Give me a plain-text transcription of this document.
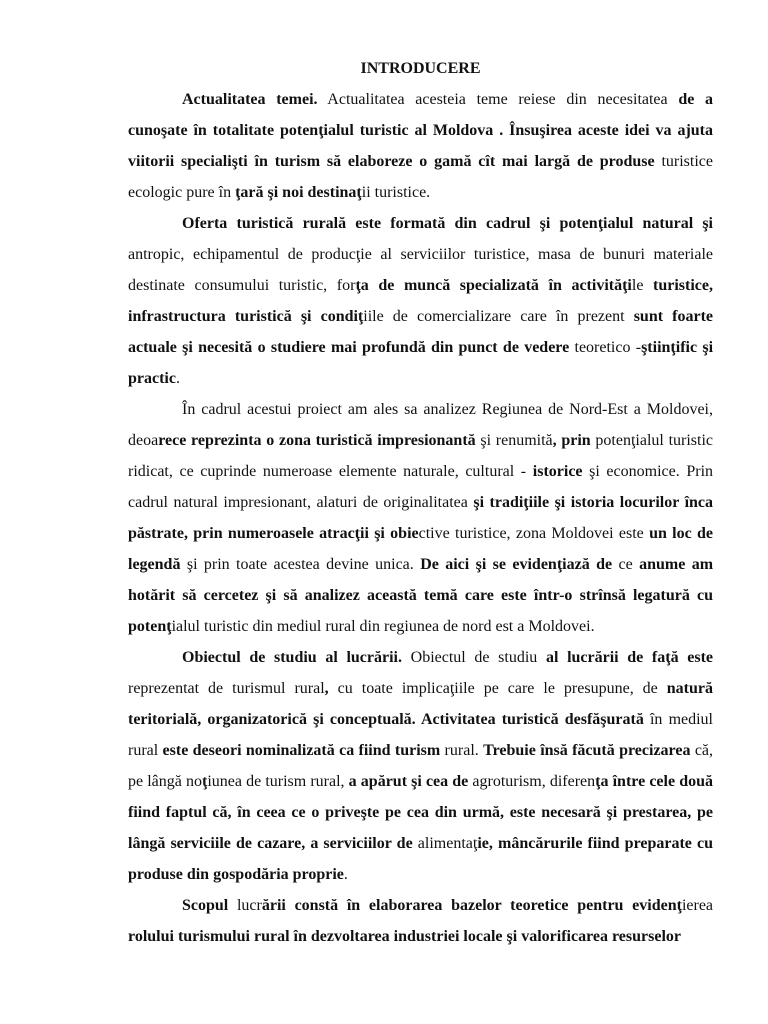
INTRODUCERE

Actualitatea temei. Actualitatea acesteia teme reiese din necesitatea de a cunoşate în totalitate potenţialul turistic al Moldova . Însuşirea aceste idei va ajuta viitorii specialişti în turism să elaboreze o gamă cît mai largă de produse turistice ecologic pure în ţară şi noi destinaţii turistice.

Oferta turistică rurală este formată din cadrul şi potenţialul natural şi antropic, echipamentul de producţie al serviciilor turistice, masa de bunuri materiale destinate consumului turistic, forţa de muncă specializată în activităţile turistice, infrastructura turistică şi condiţiile de comercializare care în prezent sunt foarte actuale şi necesită o studiere mai profundă din punct de vedere teoretico -ştiinţific şi practic.

În cadrul acestui proiect am ales sa analizez Regiunea de Nord-Est a Moldovei, deoarece reprezinta o zona turistică impresionantă şi renumită, prin potenţialul turistic ridicat, ce cuprinde numeroase elemente naturale, cultural - istorice şi economice. Prin cadrul natural impresionant, alaturi de originalitatea şi tradiţiile şi istoria locurilor înca păstrate, prin numeroasele atracţii şi obiective turistice, zona Moldovei este un loc de legendă şi prin toate acestea devine unica. De aici şi se evidenţiază de ce anume am hotărit să cercetez şi să analizez această temă care este într-o strînsă legatură cu potenţialul turistic din mediul rural din regiunea de nord est a Moldovei.

Obiectul de studiu al lucrării. Obiectul de studiu al lucrării de faţă este reprezentat de turismul rural, cu toate implicaţiile pe care le presupune, de natură teritorială, organizatorică şi conceptuală. Activitatea turistică desfăşurată în mediul rural este deseori nominalizată ca fiind turism rural. Trebuie însă făcută precizarea că, pe lângă noţiunea de turism rural, a apărut şi cea de agroturism, diferenţa între cele două fiind faptul că, în ceea ce o priveşte pe cea din urmă, este necesară şi prestarea, pe lângă serviciile de cazare, a serviciilor de alimentaţie, mâncărurile fiind preparate cu produse din gospodăria proprie.

Scopul lucrării constă în elaborarea bazelor teoretice pentru evidenţierea rolului turismului rural în dezvoltarea industriei locale şi valorificarea resurselor
